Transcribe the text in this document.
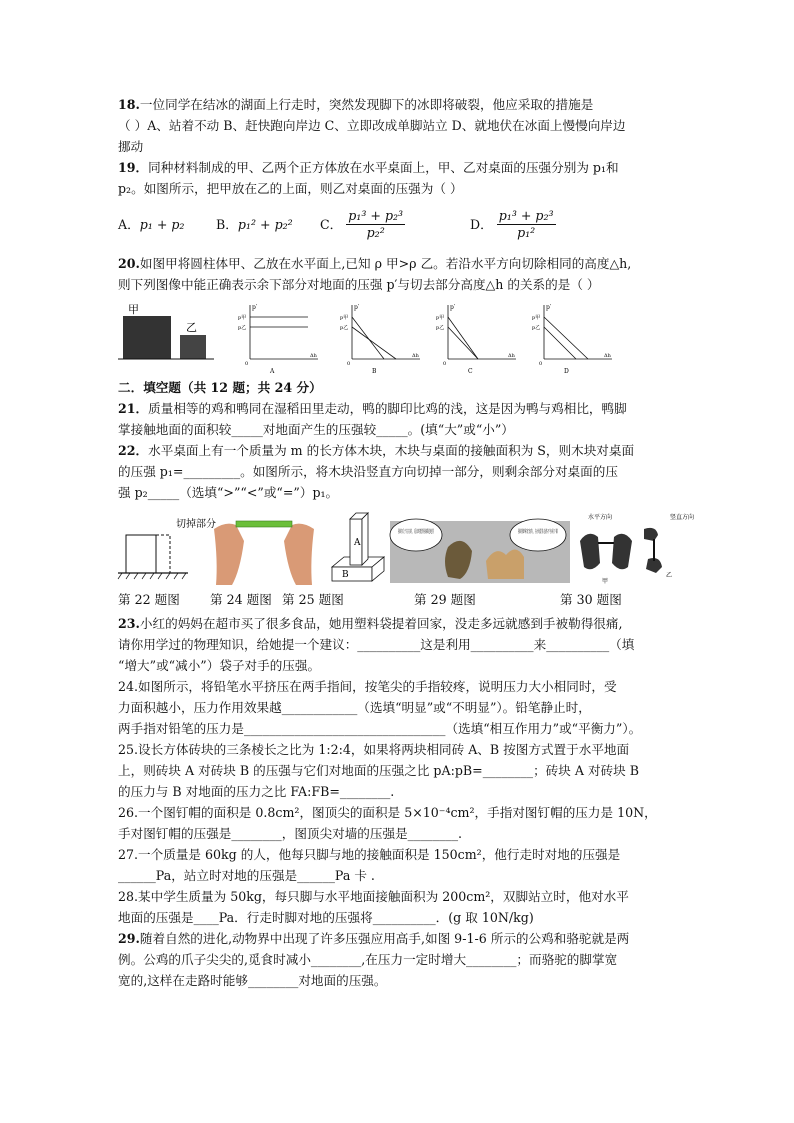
18.一位同学在结冰的湖面上行走时，突然发现脚下的冰即将破裂，他应采取的措施是

（ ）A、站着不动 B、赶快跑向岸边 C、立即改成单脚站立 D、就地伏在冰面上慢慢向岸边

挪动

19．同种材料制成的甲、乙两个正方体放在水平桌面上，甲、乙对桌面的压强分别为 p₁和

p₂。如图所示，把甲放在乙的上面，则乙对桌面的压强为（ ）

A． p₁ + p₂	B． p₁² + p₂² C． $\frac{\text{p₁³ + p₂³}}{\text{p₂²}}$	D． $\frac{\text{p₁³ + p₂³}}{\text{p₁²}}$

20.如图甲将圆柱体甲、乙放在水平面上,已知 ρ 甲>ρ 乙。若沿水平方向切除相同的高度△h,

则下列图像中能正确表示余下部分对地面的压强 p′与切去部分高度△h 的关系的是（ ）

甲
乙
p′
p甲
p乙
0
Δh
A
p′
p甲
p乙
0
Δh
B
p′
p甲
p乙
0
Δh
C
p′
p甲
p乙
0
Δh
D

二．填空题（共 12 题；共 24 分）

21．质量相等的鸡和鸭同在湿稻田里走动，鸭的脚印比鸡的浅，这是因为鸭与鸡相比，鸭脚

掌接触地面的面积较_____对地面产生的压强较_____。(填“大”或“小”）

22．水平桌面上有一个质量为 m 的长方体木块，木块与桌面的接触面积为 S，则木块对桌面

的压强 p₁=_________。如图所示，将木块沿竖直方向切掉一部分，则剩余部分对桌面的压

强 p₂_____（选填“>”“<”或“=”）p₁。

切掉部分
A
B
水平方向
甲
竖直方向
乙
第 22 题图 第 24 题图 第 25 题图	第 29 题图	第 30 题图

23.小红的妈妈在超市买了很多食品，她用塑料袋提着回家，没走多远就感到手被勒得很痛,

请你用学过的物理知识，给她提一个建议：__________这是利用__________来__________（填

“增大”或“减小”）袋子对手的压强。

24.如图所示，将铅笔水平挤压在两手指间，按笔尖的手指较疼，说明压力大小相同时，受

力面积越小，压力作用效果越____________（选填“明显”或“不明显”）。铅笔静止时，

两手指对铅笔的压力是________________________________（选填“相互作用力”或“平衡力”）。

25.设长方体砖块的三条棱长之比为 1:2:4，如果将两块相同砖 A、B 按图方式置于水平地面

上，则砖块 A 对砖块 B 的压强与它们对地面的压强之比 pA:pB=________；砖块 A 对砖块 B

的压力与 B 对地面的压力之比 FA:FB=________.

26.一个图钉帽的面积是 0.8cm²，图顶尖的面积是 5×10⁻⁴cm²，手指对图钉帽的压力是 10N，

手对图钉帽的压强是________，图顶尖对墙的压强是________.

27.一个质量是 60kg 的人，他每只脚与地的接触面积是 150cm²，他行走时对地的压强是

______Pa，站立时对地的压强是______Pa 卡 .

28.某中学生质量为 50kg，每只脚与水平地面接触面积为 200cm²，双脚站立时，他对水平

地面的压强是____Pa．行走时脚对地的压强将__________．(g 取 10N/kg)

29.随着自然的进化,动物界中出现了许多压强应用高手,如图 9-1-6 所示的公鸡和骆驼就是两

例。公鸡的爪子尖尖的,觅食时减小________,在压力一定时增大________；而骆驼的脚掌宽

宽的,这样在走路时能够________对地面的压强。
